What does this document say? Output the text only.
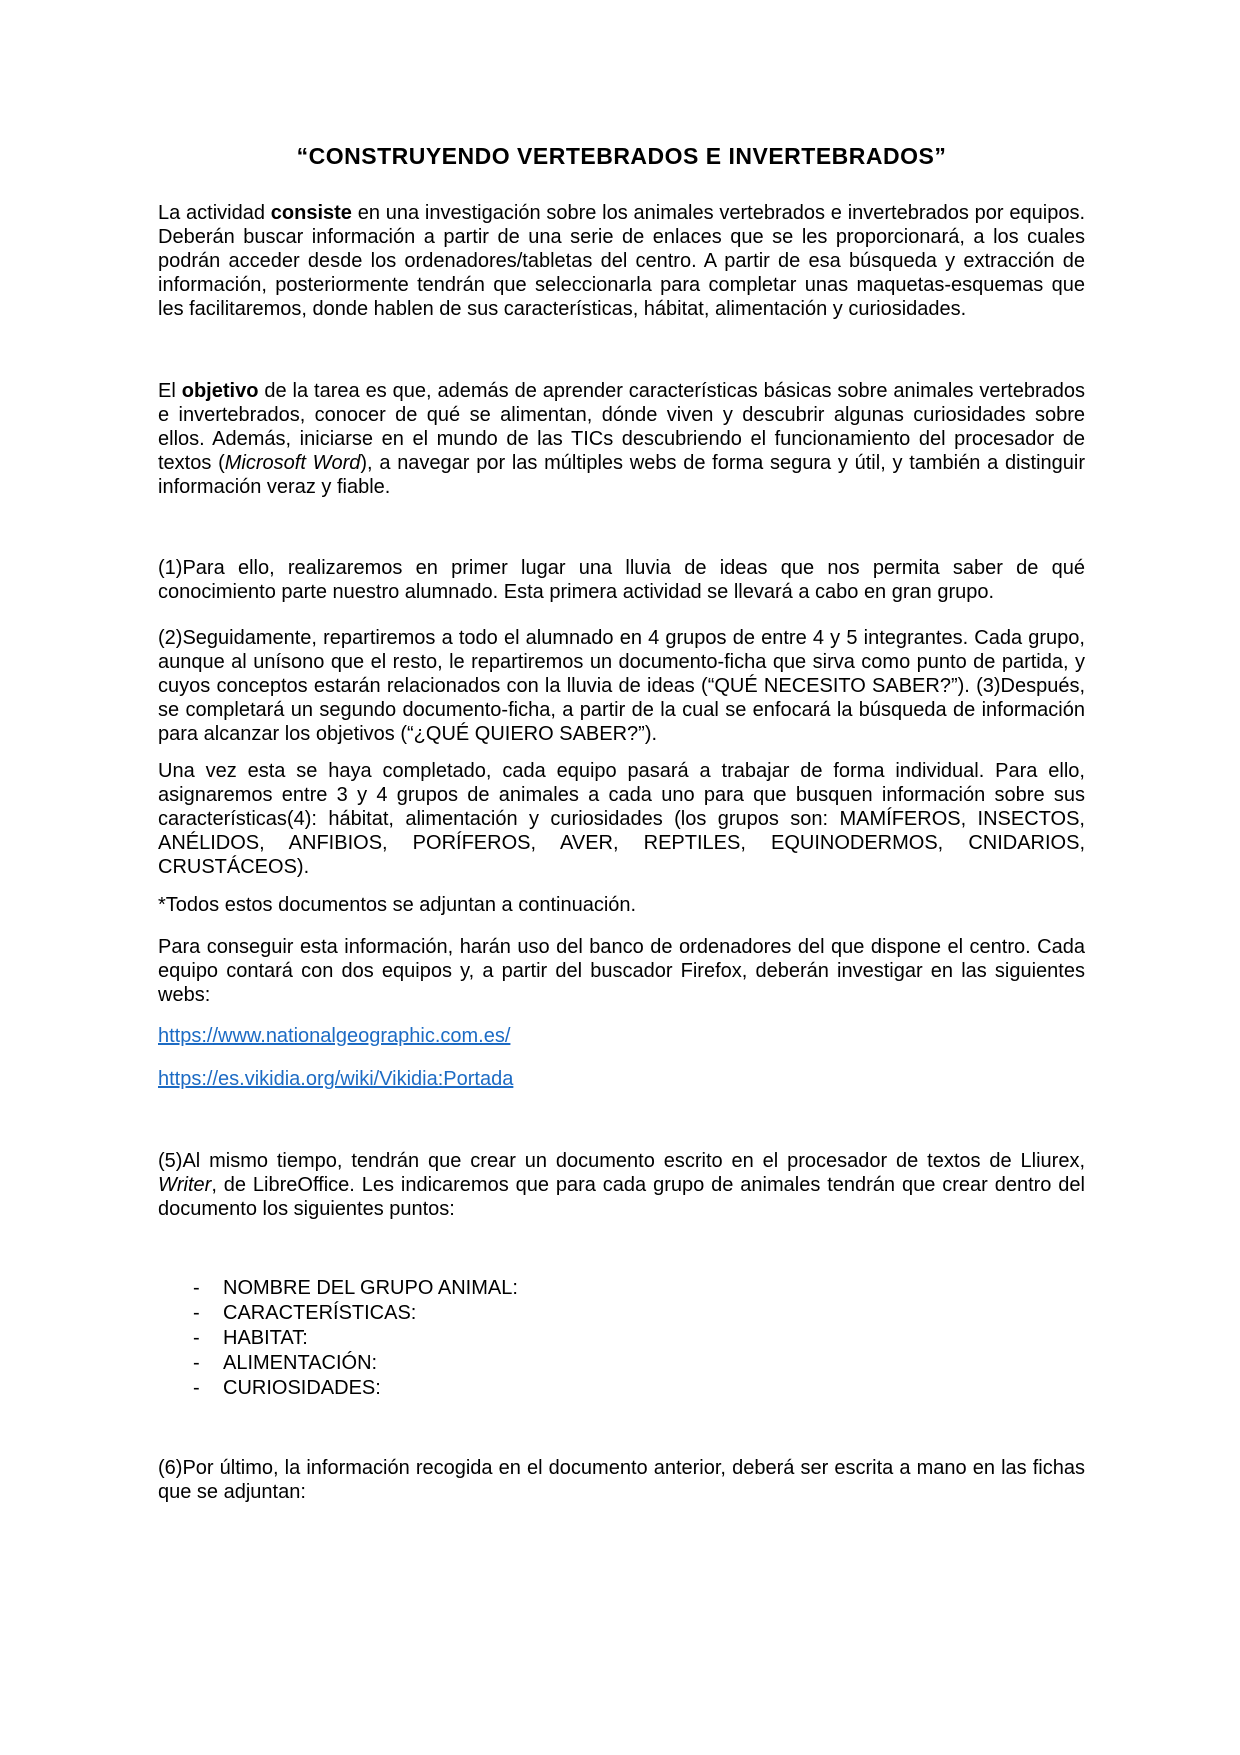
“CONSTRUYENDO VERTEBRADOS E INVERTEBRADOS”

La actividad consiste en una investigación sobre los animales vertebrados e invertebrados por equipos. Deberán buscar información a partir de una serie de enlaces que se les proporcionará, a los cuales podrán acceder desde los ordenadores/tabletas del centro. A partir de esa búsqueda y extracción de información, posteriormente tendrán que seleccionarla para completar unas maquetas-esquemas que les facilitaremos, donde hablen de sus características, hábitat, alimentación y curiosidades.

El objetivo de la tarea es que, además de aprender características básicas sobre animales vertebrados e invertebrados, conocer de qué se alimentan, dónde viven y descubrir algunas curiosidades sobre ellos. Además, iniciarse en el mundo de las TICs descubriendo el funcionamiento del procesador de textos (Microsoft Word), a navegar por las múltiples webs de forma segura y útil, y también a distinguir información veraz y fiable.

(1)Para ello, realizaremos en primer lugar una lluvia de ideas que nos permita saber de qué conocimiento parte nuestro alumnado. Esta primera actividad se llevará a cabo en gran grupo.

(2)Seguidamente, repartiremos a todo el alumnado en 4 grupos de entre 4 y 5 integrantes. Cada grupo, aunque al unísono que el resto, le repartiremos un documento-ficha que sirva como punto de partida, y cuyos conceptos estarán relacionados con la lluvia de ideas (“QUÉ NECESITO SABER?”). (3)Después, se completará un segundo documento-ficha, a partir de la cual se enfocará la búsqueda de información para alcanzar los objetivos (“¿QUÉ QUIERO SABER?”).

Una vez esta se haya completado, cada equipo pasará a trabajar de forma individual. Para ello, asignaremos entre 3 y 4 grupos de animales a cada uno para que busquen información sobre sus características(4): hábitat, alimentación y curiosidades (los grupos son: MAMÍFEROS, INSECTOS, ANÉLIDOS, ANFIBIOS, PORÍFEROS, AVER, REPTILES, EQUINODERMOS, CNIDARIOS, CRUSTÁCEOS).

*Todos estos documentos se adjuntan a continuación.

Para conseguir esta información, harán uso del banco de ordenadores del que dispone el centro. Cada equipo contará con dos equipos y, a partir del buscador Firefox, deberán investigar en las siguientes webs:

https://www.nationalgeographic.com.es/

https://es.vikidia.org/wiki/Vikidia:Portada

(5)Al mismo tiempo, tendrán que crear un documento escrito en el procesador de textos de Lliurex, Writer, de LibreOffice. Les indicaremos que para cada grupo de animales tendrán que crear dentro del documento los siguientes puntos:

-	NOMBRE DEL GRUPO ANIMAL:
-	CARACTERÍSTICAS:
-	HABITAT:
-	ALIMENTACIÓN:
-	CURIOSIDADES:

(6)Por último, la información recogida en el documento anterior, deberá ser escrita a mano en las fichas que se adjuntan:
